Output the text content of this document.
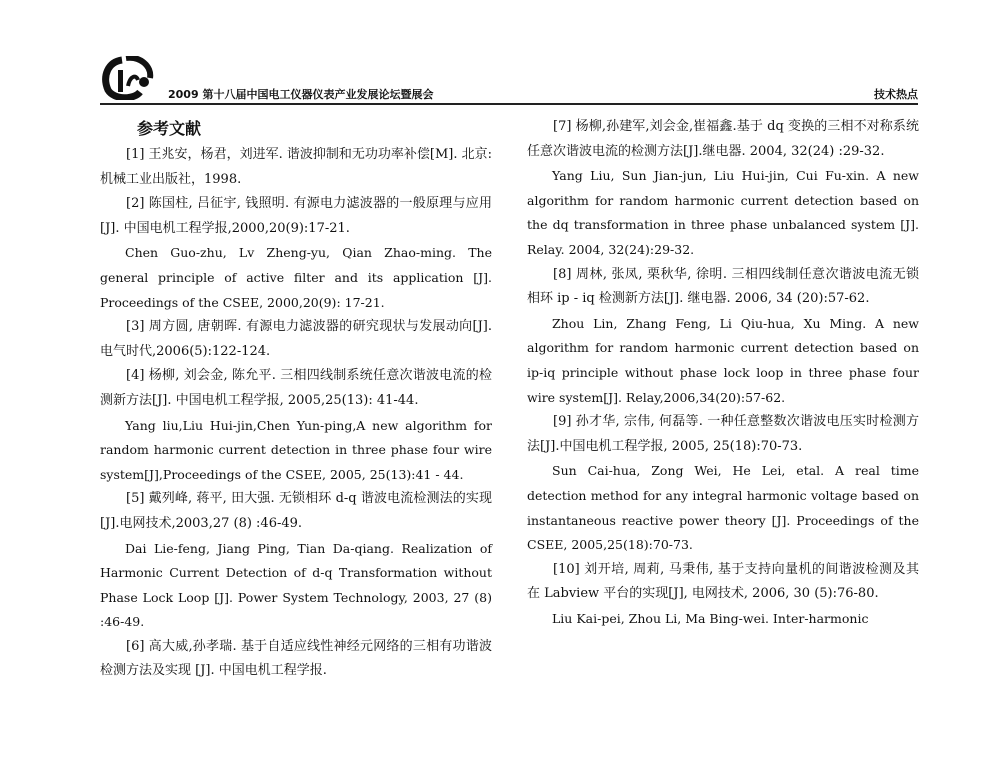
hsf
2009 第十八届中国电工仪器仪表产业发展论坛暨展会	技术热点
参考文献

[1] 王兆安，杨君，刘进军. 谐波抑制和无功功率补偿[M]. 北京: 机械工业出版社，1998.

[2] 陈国柱, 吕征宇, 钱照明. 有源电力滤波器的一般原理与应用[J]. 中国电机工程学报,2000,20(9):17-21.

Chen Guo-zhu, Lv Zheng-yu, Qian Zhao-ming. The general principle of active filter and its application [J]. Proceedings of the CSEE, 2000,20(9): 17-21.

[3] 周方圆, 唐朝晖. 有源电力滤波器的研究现状与发展动向[J].电气时代,2006(5):122-124.

[4] 杨柳, 刘会金, 陈允平. 三相四线制系统任意次谐波电流的检测新方法[J]. 中国电机工程学报, 2005,25(13): 41-44.

Yang liu,Liu Hui-jin,Chen Yun-ping,A new algorithm for random harmonic current detection in three phase four wire system[J],Proceedings of the CSEE, 2005, 25(13):41 - 44.

[5] 戴列峰, 蒋平, 田大强. 无锁相环 d-q 谐波电流检测法的实现[J].电网技术,2003,27 (8) :46-49.

Dai Lie-feng, Jiang Ping, Tian Da-qiang. Realization of Harmonic Current Detection of d-q Transformation without Phase Lock Loop [J]. Power System Technology, 2003, 27 (8) :46-49.

[6] 高大威,孙孝瑞. 基于自适应线性神经元网络的三相有功谐波检测方法及实现 [J]. 中国电机工程学报.

[7] 杨柳,孙建军,刘会金,崔福鑫.基于 dq 变换的三相不对称系统任意次谐波电流的检测方法[J].继电器. 2004, 32(24) :29-32.

Yang Liu, Sun Jian-jun, Liu Hui-jin, Cui Fu-xin. A new algorithm for random harmonic current detection based on the dq transformation in three phase unbalanced system [J]. Relay. 2004, 32(24):29-32.

[8] 周林, 张凤, 栗秋华, 徐明. 三相四线制任意次谐波电流无锁相环 ip - iq 检测新方法[J]. 继电器. 2006, 34 (20):57-62.

Zhou Lin, Zhang Feng, Li Qiu-hua, Xu Ming. A new algorithm for random harmonic current detection based on ip-iq principle without phase lock loop in three phase four wire system[J]. Relay,2006,34(20):57-62.

[9] 孙才华, 宗伟, 何磊等. 一种任意整数次谐波电压实时检测方法[J].中国电机工程学报, 2005, 25(18):70-73.

Sun Cai-hua, Zong Wei, He Lei, etal. A real time detection method for any integral harmonic voltage based on instantaneous reactive power theory [J]. Proceedings of the CSEE, 2005,25(18):70-73.

[10] 刘开培, 周莉, 马秉伟, 基于支持向量机的间谐波检测及其在 Labview 平台的实现[J], 电网技术, 2006, 30 (5):76-80.

Liu Kai-pei, Zhou Li, Ma Bing-wei. Inter-harmonic
